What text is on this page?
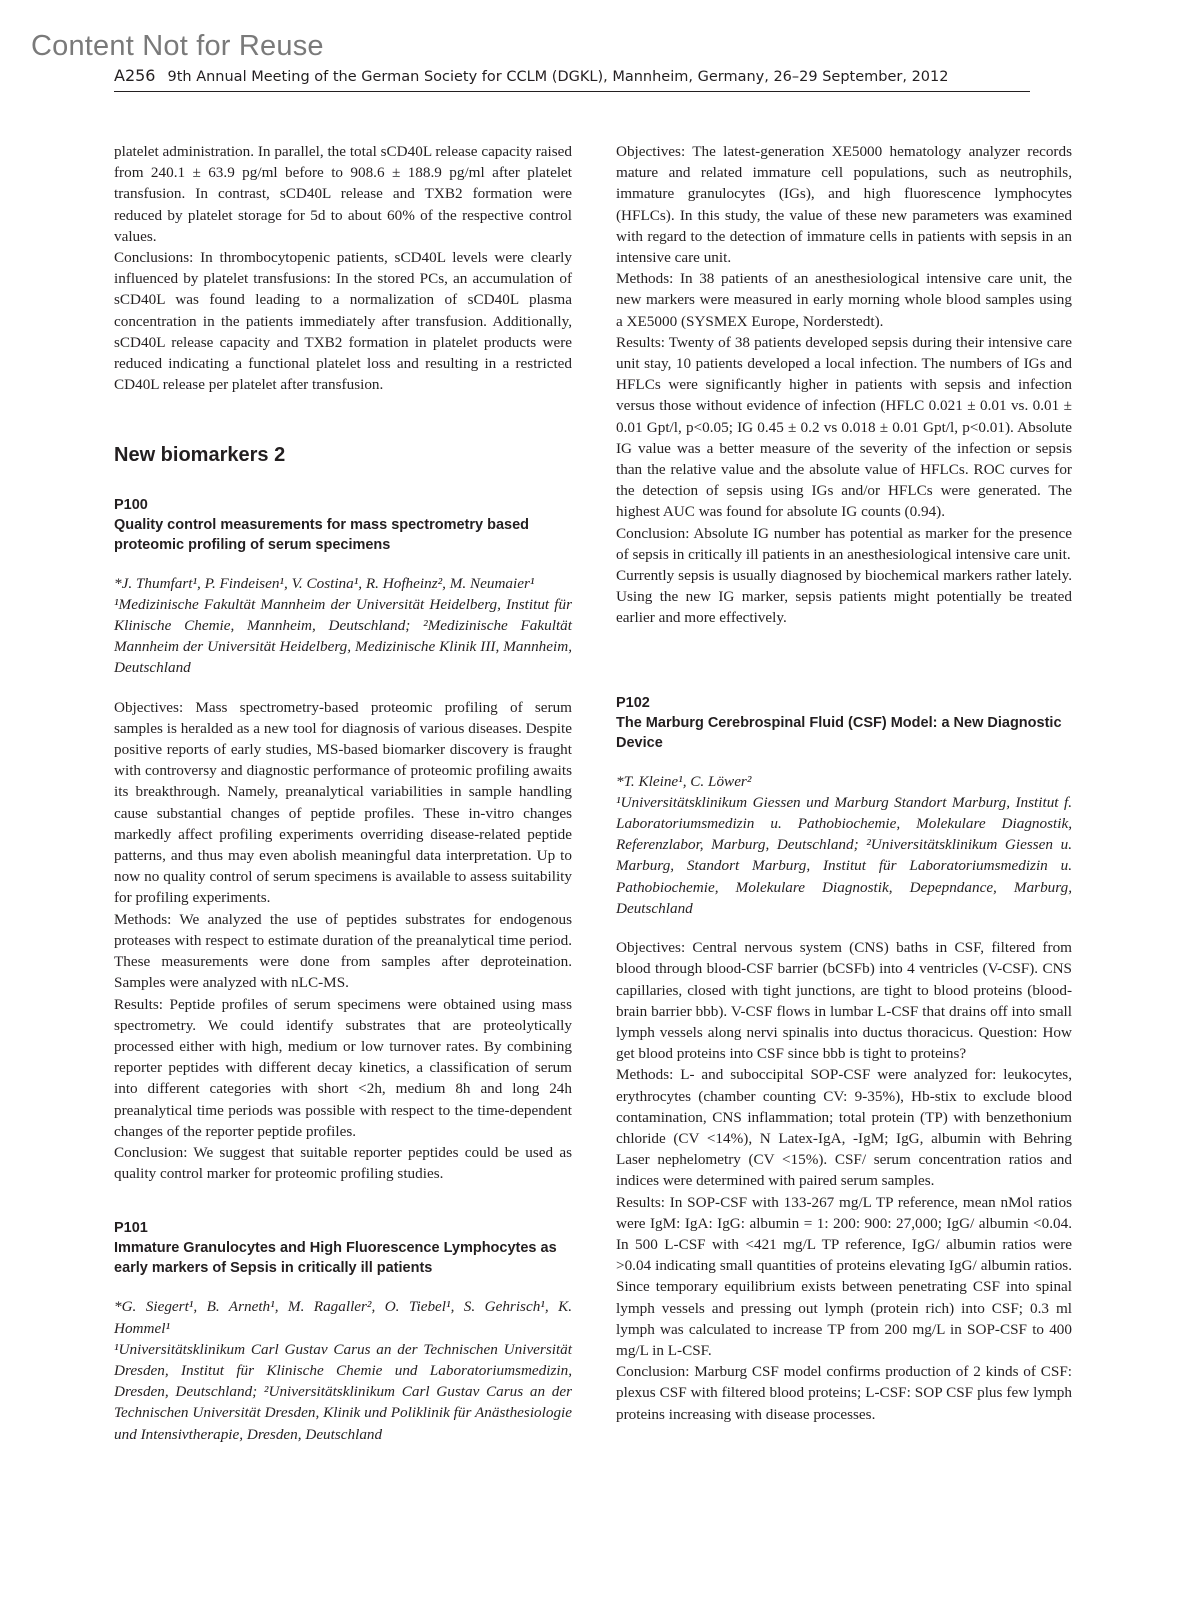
Content Not for Reuse
A256 9th Annual Meeting of the German Society for CCLM (DGKL), Mannheim, Germany, 26–29 September, 2012

platelet administration. In parallel, the total sCD40L release capacity raised from 240.1 ± 63.9 pg/ml before to 908.6 ± 188.9 pg/ml after platelet transfusion. In contrast, sCD40L release and TXB2 formation were reduced by platelet storage for 5d to about 60% of the respective control values.

Conclusions: In thrombocytopenic patients, sCD40L levels were clearly influenced by platelet transfusions: In the stored PCs, an accumulation of sCD40L was found leading to a normalization of sCD40L plasma concentration in the patients immediately after transfusion. Additionally, sCD40L release capacity and TXB2 formation in platelet products were reduced indicating a functional platelet loss and resulting in a restricted CD40L release per platelet after transfusion.

New biomarkers 2

P100

Quality control measurements for mass spectrometry based proteomic profiling of serum specimens

*J. Thumfart¹, P. Findeisen¹, V. Costina¹, R. Hofheinz², M. Neumaier¹

¹Medizinische Fakultät Mannheim der Universität Heidelberg, Institut für Klinische Chemie, Mannheim, Deutschland; ²Medizinische Fakultät Mannheim der Universität Heidelberg, Medizinische Klinik III, Mannheim, Deutschland

Objectives: Mass spectrometry-based proteomic profiling of serum samples is heralded as a new tool for diagnosis of various diseases. Despite positive reports of early studies, MS-based biomarker discovery is fraught with controversy and diagnostic performance of proteomic profiling awaits its breakthrough. Namely, preanalytical variabilities in sample handling cause substantial changes of peptide profiles. These in-vitro changes markedly affect profiling experiments overriding disease-related peptide patterns, and thus may even abolish meaningful data interpretation. Up to now no quality control of serum specimens is available to assess suitability for profiling experiments.

Methods: We analyzed the use of peptides substrates for endogenous proteases with respect to estimate duration of the preanalytical time period. These measurements were done from samples after deproteination. Samples were analyzed with nLC-MS.

Results: Peptide profiles of serum specimens were obtained using mass spectrometry. We could identify substrates that are proteolytically processed either with high, medium or low turnover rates. By combining reporter peptides with different decay kinetics, a classification of serum into different categories with short <2h, medium 8h and long 24h preanalytical time periods was possible with respect to the time-dependent changes of the reporter peptide profiles.

Conclusion: We suggest that suitable reporter peptides could be used as quality control marker for proteomic profiling studies.

P101

Immature Granulocytes and High Fluorescence Lymphocytes as early markers of Sepsis in critically ill patients

*G. Siegert¹, B. Arneth¹, M. Ragaller², O. Tiebel¹, S. Gehrisch¹, K. Hommel¹

¹Universitätsklinikum Carl Gustav Carus an der Technischen Universität Dresden, Institut für Klinische Chemie und Laboratoriumsmedizin, Dresden, Deutschland; ²Universitätsklinikum Carl Gustav Carus an der Technischen Universität Dresden, Klinik und Poliklinik für Anästhesiologie und Intensivtherapie, Dresden, Deutschland

Objectives: The latest-generation XE5000 hematology analyzer records mature and related immature cell populations, such as neutrophils, immature granulocytes (IGs), and high fluorescence lymphocytes (HFLCs). In this study, the value of these new parameters was examined with regard to the detection of immature cells in patients with sepsis in an intensive care unit.

Methods: In 38 patients of an anesthesiological intensive care unit, the new markers were measured in early morning whole blood samples using a XE5000 (SYSMEX Europe, Norderstedt).

Results: Twenty of 38 patients developed sepsis during their intensive care unit stay, 10 patients developed a local infection. The numbers of IGs and HFLCs were significantly higher in patients with sepsis and infection versus those without evidence of infection (HFLC 0.021 ± 0.01 vs. 0.01 ± 0.01 Gpt/l, p<0.05; IG 0.45 ± 0.2 vs 0.018 ± 0.01 Gpt/l, p<0.01). Absolute IG value was a better measure of the severity of the infection or sepsis than the relative value and the absolute value of HFLCs. ROC curves for the detection of sepsis using IGs and/or HFLCs were generated. The highest AUC was found for absolute IG counts (0.94).

Conclusion: Absolute IG number has potential as marker for the presence of sepsis in critically ill patients in an anesthesiological intensive care unit.

Currently sepsis is usually diagnosed by biochemical markers rather lately. Using the new IG marker, sepsis patients might potentially be treated earlier and more effectively.

P102

The Marburg Cerebrospinal Fluid (CSF) Model: a New Diagnostic Device

*T. Kleine¹, C. Löwer²

¹Universitätsklinikum Giessen und Marburg Standort Marburg, Institut f. Laboratoriumsmedizin u. Pathobiochemie, Molekulare Diagnostik, Referenzlabor, Marburg, Deutschland; ²Universitätsklinikum Giessen u. Marburg, Standort Marburg, Institut für Laboratoriumsmedizin u. Pathobiochemie, Molekulare Diagnostik, Depepndance, Marburg, Deutschland

Objectives: Central nervous system (CNS) baths in CSF, filtered from blood through blood-CSF barrier (bCSFb) into 4 ventricles (V-CSF). CNS capillaries, closed with tight junctions, are tight to blood proteins (blood-brain barrier bbb). V-CSF flows in lumbar L-CSF that drains off into small lymph vessels along nervi spinalis into ductus thoracicus. Question: How get blood proteins into CSF since bbb is tight to proteins?

Methods: L- and suboccipital SOP-CSF were analyzed for: leukocytes, erythrocytes (chamber counting CV: 9-35%), Hb-stix to exclude blood contamination, CNS inflammation; total protein (TP) with benzethonium chloride (CV <14%), N Latex-IgA, -IgM; IgG, albumin with Behring Laser nephelometry (CV <15%). CSF/ serum concentration ratios and indices were determined with paired serum samples.

Results: In SOP-CSF with 133-267 mg/L TP reference, mean nMol ratios were IgM: IgA: IgG: albumin = 1: 200: 900: 27,000; IgG/ albumin <0.04. In 500 L-CSF with <421 mg/L TP reference, IgG/ albumin ratios were >0.04 indicating small quantities of proteins elevating IgG/ albumin ratios. Since temporary equilibrium exists between penetrating CSF into spinal lymph vessels and pressing out lymph (protein rich) into CSF; 0.3 ml lymph was calculated to increase TP from 200 mg/L in SOP-CSF to 400 mg/L in L-CSF.

Conclusion: Marburg CSF model confirms production of 2 kinds of CSF: plexus CSF with filtered blood proteins; L-CSF: SOP CSF plus few lymph proteins increasing with disease processes.
